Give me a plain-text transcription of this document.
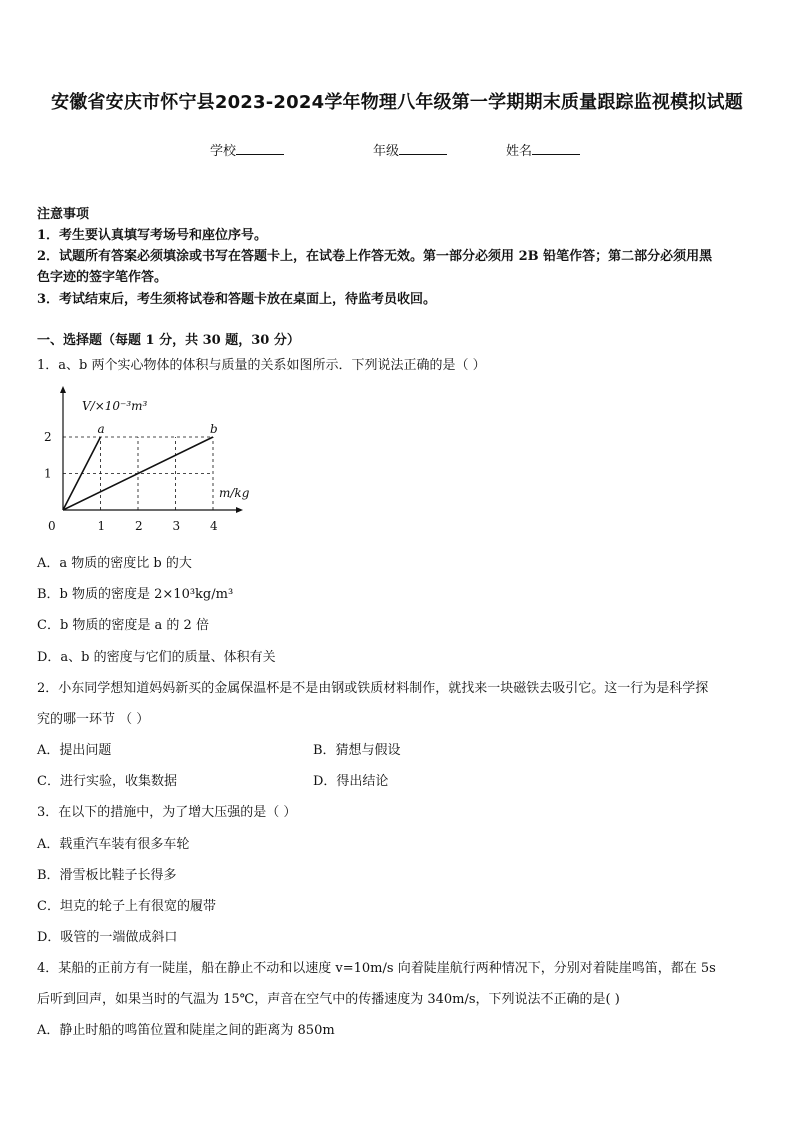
安徽省安庆市怀宁县2023-2024学年物理八年级第一学期期末质量跟踪监视模拟试题
学校	年级	姓名
注意事项
1．考生要认真填写考场号和座位序号。
2．试题所有答案必须填涂或书写在答题卡上，在试卷上作答无效。第一部分必须用 2B 铅笔作答；第二部分必须用黑
色字迹的签字笔作答。
3．考试结束后，考生须将试卷和答题卡放在桌面上，待监考员收回。
一、选择题（每题 1 分，共 30 题，30 分）
1．a、b 两个实心物体的体积与质量的关系如图所示．下列说法正确的是（ ）
V/×10⁻³m³
m/kg
0	1 2 3 4
1
2
a	b
A．a 物质的密度比 b 的大
B．b 物质的密度是 2×10³kg/m³
C．b 物质的密度是 a 的 2 倍
D．a、b 的密度与它们的质量、体积有关
2．小东同学想知道妈妈新买的金属保温杯是不是由钢或铁质材料制作，就找来一块磁铁去吸引它。这一行为是科学探
究的哪一环节 （ ）
A．提出问题	B．猜想与假设
C．进行实验，收集数据	D．得出结论
3．在以下的措施中，为了增大压强的是（ ）
A．载重汽车装有很多车轮
B．滑雪板比鞋子长得多
C．坦克的轮子上有很宽的履带
D．吸管的一端做成斜口
4．某船的正前方有一陡崖，船在静止不动和以速度 v=10m/s 向着陡崖航行两种情况下，分别对着陡崖鸣笛，都在 5s
后听到回声，如果当时的气温为 15℃，声音在空气中的传播速度为 340m/s，下列说法不正确的是( )
A．静止时船的鸣笛位置和陡崖之间的距离为 850m
